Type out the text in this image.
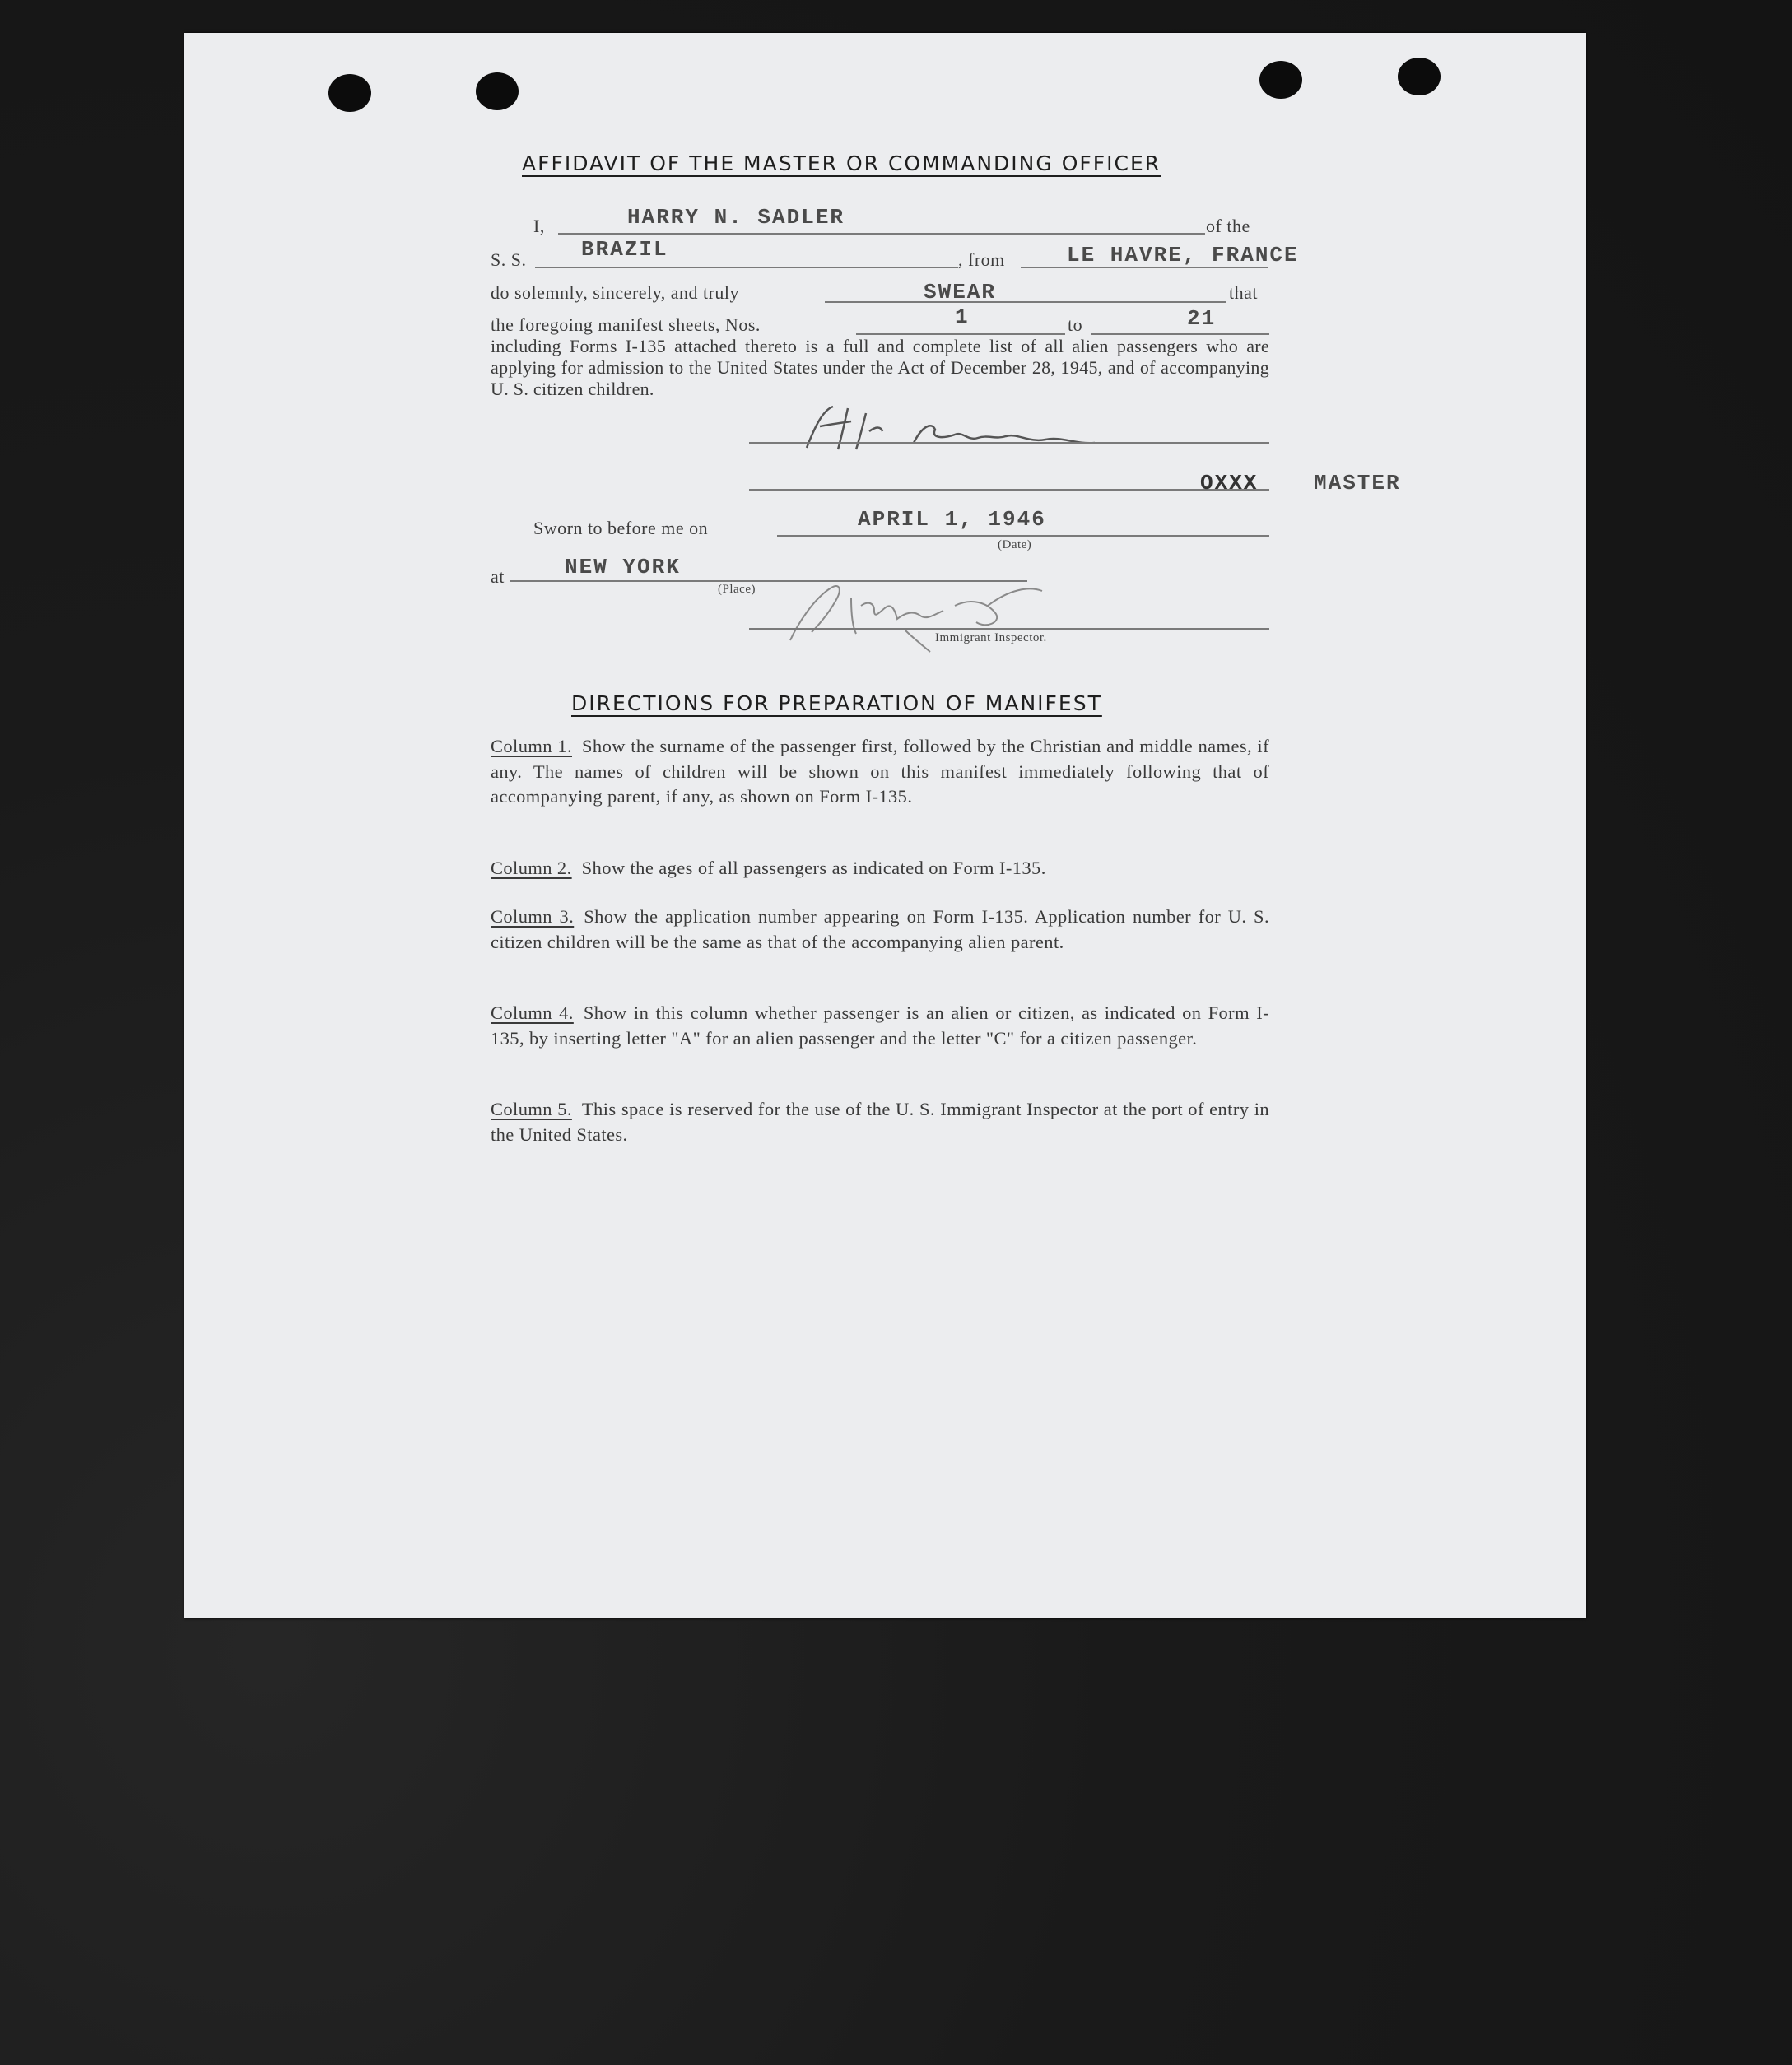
AFFIDAVIT OF THE MASTER OR COMMANDING OFFICER
I,	HARRY N. SADLER	of the
S. S.	BRAZIL	, from	LE HAVRE, FRANCE
do solemnly, sincerely, and truly	SWEAR	that
the foregoing manifest sheets, Nos.	1	to	21
including Forms I-135 attached thereto is a full and complete list of all alien passengers who are applying for admission to the United States under the Act of December 28, 1945, and of accompanying U. S. citizen children.
OXXX	MASTER
Sworn to before me on	APRIL 1, 1946
(Date)
at	NEW YORK
(Place)
Immigrant Inspector.
DIRECTIONS FOR PREPARATION OF MANIFEST
Column 1. Show the surname of the passenger first, followed by the Christian and middle names, if any. The names of children will be shown on this manifest immediately following that of accompanying parent, if any, as shown on Form I-135.
Column 2. Show the ages of all passengers as indicated on Form I-135.
Column 3. Show the application number appearing on Form I-135. Application number for U. S. citizen children will be the same as that of the accompanying alien parent.
Column 4. Show in this column whether passenger is an alien or citizen, as indicated on Form I-135, by inserting letter "A" for an alien passenger and the letter "C" for a citizen passenger.
Column 5. This space is reserved for the use of the U. S. Immigrant Inspector at the port of entry in the United States.
